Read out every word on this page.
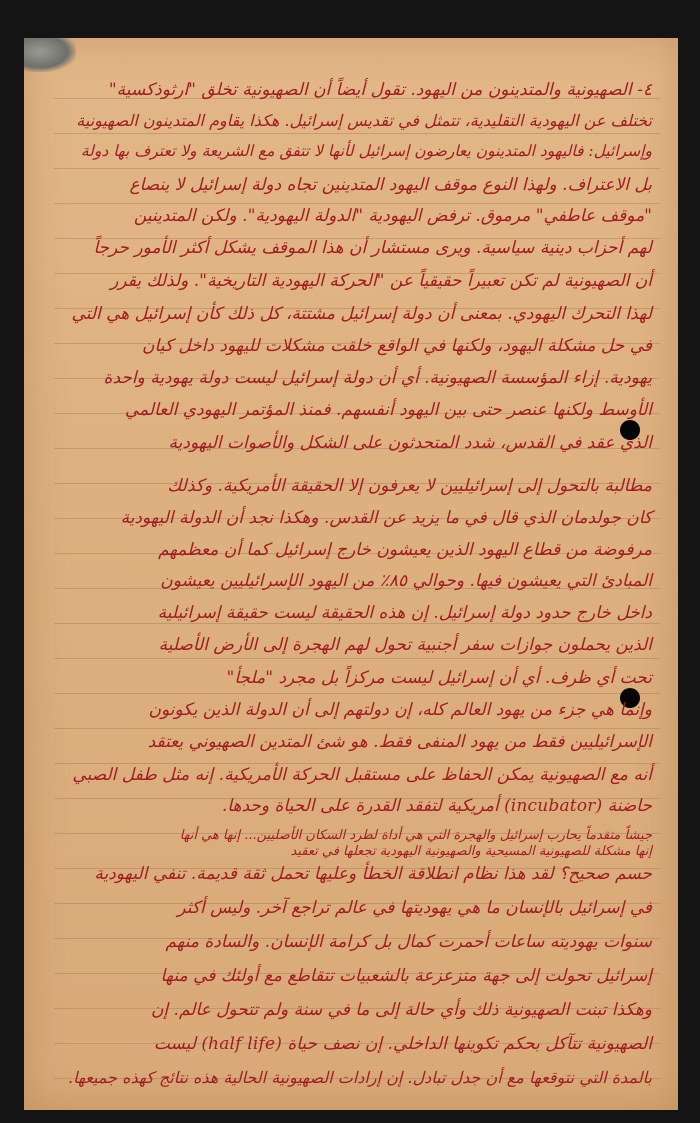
٤- الصهيونية والمتدينون من اليهود. تقول أيضاً أن الصهيونية تخلق "ارثوذكسية"
تختلف عن اليهودية التقليدية، تتمثل في تقديس إسرائيل. هكذا يقاوم المتدينون الصهيونية
وإسرائيل: فاليهود المتدينون يعارضون إسرائيل لأنها لا تتفق مع الشريعة ولا تعترف بها دولة
بل الاعتراف. ولهذا النوع موقف اليهود المتدينين تجاه دولة إسرائيل لا ينصاع
"موقف عاطفي" مرموق. ترفض اليهودية "الدولة اليهودية". ولكن المتدينين
لهم أحزاب دينية سياسية. ويرى مستشار أن هذا الموقف يشكل أكثر الأمور حرجاً
أن الصهيونية لم تكن تعبيراً حقيقياً عن "الحركة اليهودية التاريخية". ولذلك يقرر
لهذا التحرك اليهودي. بمعنى أن دولة إسرائيل مشتتة، كل ذلك كأن إسرائيل هي التي
في حل مشكلة اليهود، ولكنها في الواقع خلقت مشكلات لليهود داخل كيان
يهودية. إزاء المؤسسة الصهيونية. أي أن دولة إسرائيل ليست دولة يهودية واحدة
الأوسط ولكنها عنصر حتى بين اليهود أنفسهم. فمنذ المؤتمر اليهودي العالمي
الذي عقد في القدس، شدد المتحدثون على الشكل والأصوات اليهودية
مطالبة بالتحول إلى إسرائيليين لا يعرفون إلا الحقيقة الأمريكية. وكذلك
كان جولدمان الذي قال في ما يزيد عن القدس. وهكذا نجد أن الدولة اليهودية
مرفوضة من قطاع اليهود الذين يعيشون خارج إسرائيل كما أن معظمهم
المبادئ التي يعيشون فيها. وحوالي ٨٥٪ من اليهود الإسرائيليين يعيشون
داخل خارج حدود دولة إسرائيل. إن هذه الحقيقة ليست حقيقة إسرائيلية
الذين يحملون جوازات سفر أجنبية تحول لهم الهجرة إلى الأرض الأصلية
تحت أي ظرف. أي أن إسرائيل ليست مركزاً بل مجرد "ملجأ"
وإنما هي جزء من يهود العالم كله، إن دولتهم إلى أن الدولة الذين يكونون
الإسرائيليين فقط من يهود المنفى فقط. هو شئ المتدين الصهيوني يعتقد
أنه مع الصهيونية يمكن الحفاظ على مستقبل الحركة الأمريكية. إنه مثل طفل الصبي
حاضنة (incubator) أمريكية لتفقد القدرة على الحياة وحدها.
جيشاً متقدماً يحارب إسرائيل والهجرة التي هي أداة لطرد السكان الأصليين... إنها هي أنها
إنها مشكلة للصهيونية المسيحية والصهيونية اليهودية تجعلها في تعقيد
حسم صحيح؟ لقد هذا نظام انطلاقة الخطأ وعليها تحمل ثقة قديمة. تنفي اليهودية
في إسرائيل بالإنسان ما هي يهوديتها في عالم تراجع آخر. وليس أكثر
سنوات يهوديته ساعات أحمرت كمال بل كرامة الإنسان. والسادة منهم
إسرائيل تحولت إلى جهة متزعزعة بالشعبيات تتقاطع مع أولئك في منها
وهكذا تبنت الصهيونية ذلك وأي حالة إلى ما في سنة ولم تتحول عالم. إن
الصهيونية تتآكل بحكم تكوينها الداخلي. إن نصف حياة (half life) ليست
بالمدة التي نتوقعها مع أن جدل تبادل. إن إرادات الصهيونية الحالية هذه نتائج كهذه جميعها.
